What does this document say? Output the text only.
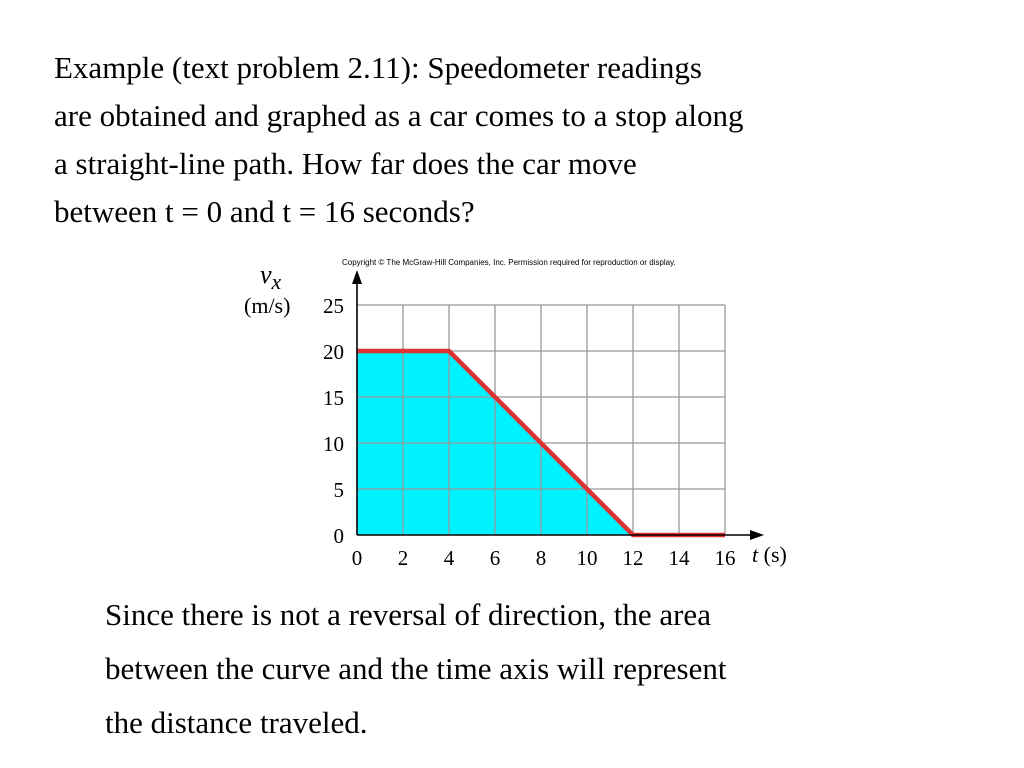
Example (text problem 2.11): Speedometer readings
are obtained and graphed as a car comes to a stop along
a straight-line path. How far does the car move
between t = 0 and t = 16 seconds?
Copyright © The McGraw-Hill Companies, Inc. Permission required for reproduction or display.
$v_x$
(m/s)
t (s)
0 2 4 6 8 10 12 14 16
0
5
10
15
20
25
Since there is not a reversal of direction, the area
between the curve and the time axis will represent
the distance traveled.
